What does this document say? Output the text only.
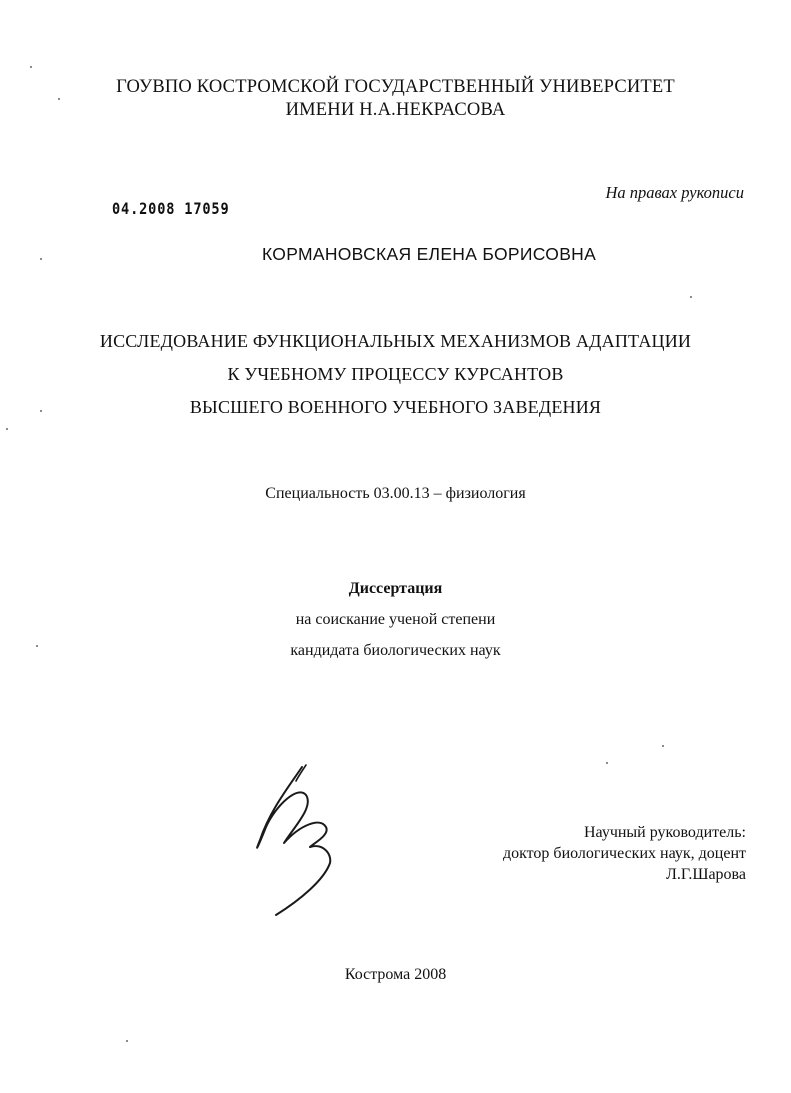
ГОУВПО КОСТРОМСКОЙ ГОСУДАРСТВЕННЫЙ УНИВЕРСИТЕТ
ИМЕНИ Н.А.НЕКРАСОВА
На правах рукописи
04.2008 17059
КОРМАНОВСКАЯ ЕЛЕНА БОРИСОВНА
ИССЛЕДОВАНИЕ ФУНКЦИОНАЛЬНЫХ МЕХАНИЗМОВ АДАПТАЦИИ
К УЧЕБНОМУ ПРОЦЕССУ КУРСАНТОВ
ВЫСШЕГО ВОЕННОГО УЧЕБНОГО ЗАВЕДЕНИЯ
Специальность 03.00.13 – физиология
Диссертация
на соискание ученой степени
кандидата биологических наук
Научный руководитель:
доктор биологических наук, доцент
Л.Г.Шарова
Кострома 2008
